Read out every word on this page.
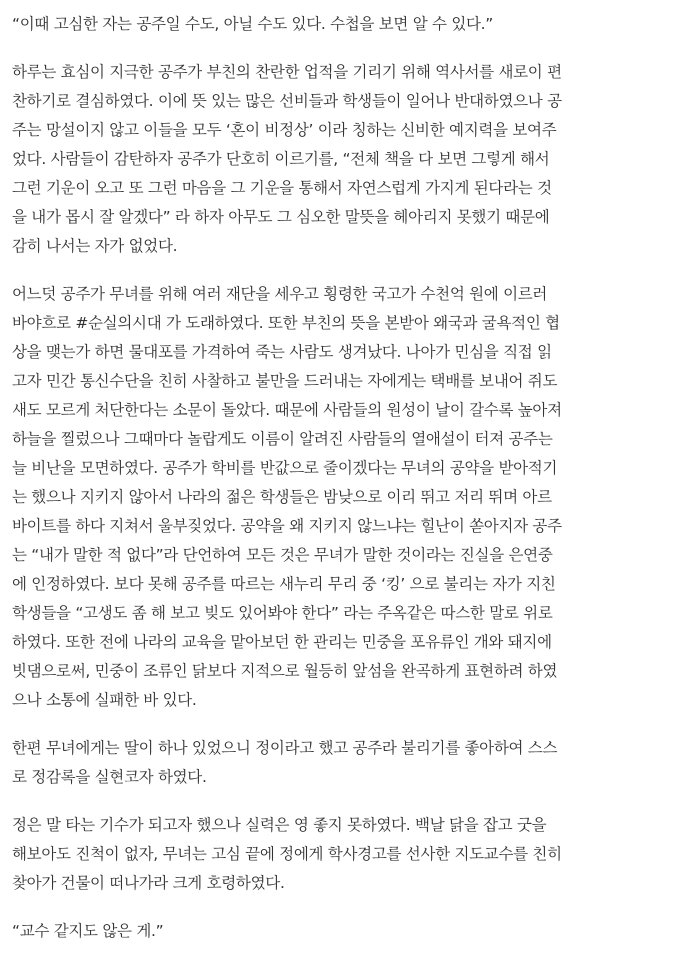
“이때 고심한 자는 공주일 수도, 아닐 수도 있다. 수첩을 보면 알 수 있다.”

하루는 효심이 지극한 공주가 부친의 찬란한 업적을 기리기 위해 역사서를 새로이 편
찬하기로 결심하였다. 이에 뜻 있는 많은 선비들과 학생들이 일어나 반대하였으나 공
주는 망설이지 않고 이들을 모두 ‘혼이 비정상’ 이라 칭하는 신비한 예지력을 보여주
었다. 사람들이 감탄하자 공주가 단호히 이르기를, “전체 책을 다 보면 그렇게 해서
그런 기운이 오고 또 그런 마음을 그 기운을 통해서 자연스럽게 가지게 된다라는 것
을 내가 몹시 잘 알겠다” 라 하자 아무도 그 심오한 말뜻을 헤아리지 못했기 때문에
감히 나서는 자가 없었다.

어느덧 공주가 무녀를 위해 여러 재단을 세우고 횡령한 국고가 수천억 원에 이르러
바야흐로 #순실의시대 가 도래하였다. 또한 부친의 뜻을 본받아 왜국과 굴욕적인 협
상을 맺는가 하면 물대포를 가격하여 죽는 사람도 생겨났다. 나아가 민심을 직접 읽
고자 민간 통신수단을 친히 사찰하고 불만을 드러내는 자에게는 택배를 보내어 쥐도
새도 모르게 처단한다는 소문이 돌았다. 때문에 사람들의 원성이 날이 갈수록 높아져
하늘을 찔렀으나 그때마다 놀랍게도 이름이 알려진 사람들의 열애설이 터져 공주는
늘 비난을 모면하였다. 공주가 학비를 반값으로 줄이겠다는 무녀의 공약을 받아적기
는 했으나 지키지 않아서 나라의 젊은 학생들은 밤낮으로 이리 뛰고 저리 뛰며 아르
바이트를 하다 지쳐서 울부짖었다. 공약을 왜 지키지 않느냐는 힐난이 쏟아지자 공주
는 “내가 말한 적 없다”라 단언하여 모든 것은 무녀가 말한 것이라는 진실을 은연중
에 인정하였다. 보다 못해 공주를 따르는 새누리 무리 중 ‘킹’ 으로 불리는 자가 지친
학생들을 “고생도 좀 해 보고 빚도 있어봐야 한다” 라는 주옥같은 따스한 말로 위로
하였다. 또한 전에 나라의 교육을 맡아보던 한 관리는 민중을 포유류인 개와 돼지에
빗댐으로써, 민중이 조류인 닭보다 지적으로 월등히 앞섬을 완곡하게 표현하려 하였
으나 소통에 실패한 바 있다.

한편 무녀에게는 딸이 하나 있었으니 정이라고 했고 공주라 불리기를 좋아하여 스스
로 정감록을 실현코자 하였다.

정은 말 타는 기수가 되고자 했으나 실력은 영 좋지 못하였다. 백날 닭을 잡고 굿을
해보아도 진척이 없자, 무녀는 고심 끝에 정에게 학사경고를 선사한 지도교수를 친히
찾아가 건물이 떠나가라 크게 호령하였다.

“교수 같지도 않은 게.”
